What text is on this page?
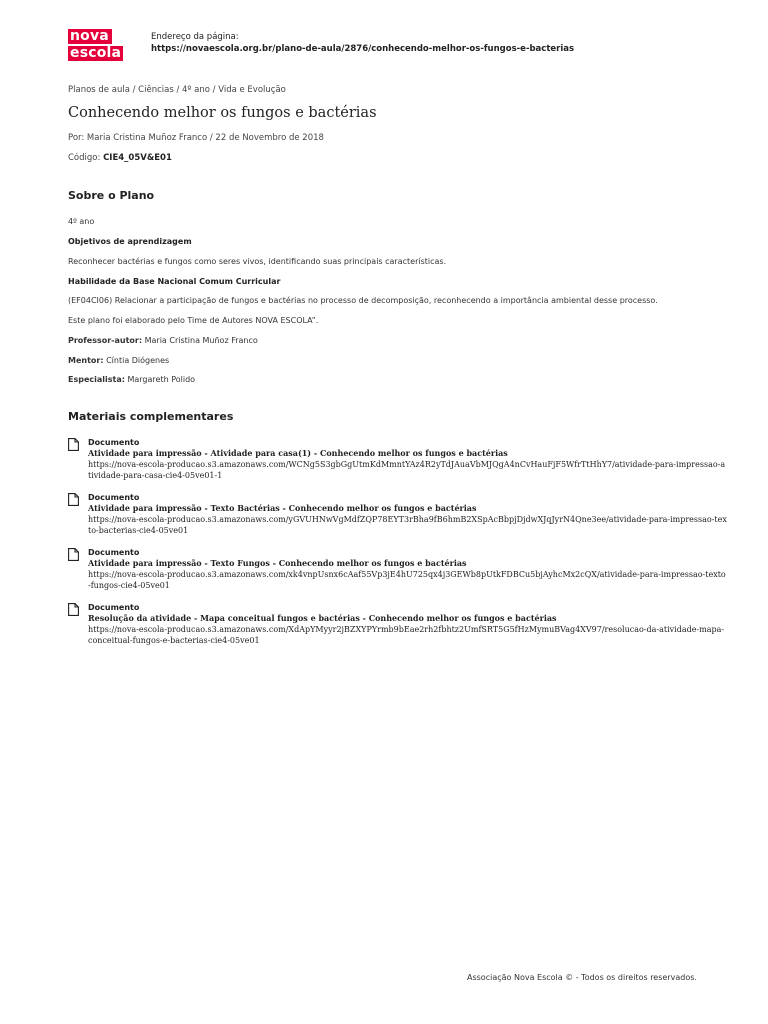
nova
escola
Endereço da página:
https://novaescola.org.br/plano-de-aula/2876/conhecendo-melhor-os-fungos-e-bacterias
Planos de aula / Ciências / 4º ano / Vida e Evolução
Conhecendo melhor os fungos e bactérias
Por: Maria Cristina Muñoz Franco / 22 de Novembro de 2018
Código: CIE4_05V&E01
Sobre o Plano
4º ano
Objetivos de aprendizagem
Reconhecer bactérias e fungos como seres vivos, identificando suas principais características.
Habilidade da Base Nacional Comum Curricular
(EF04CI06) Relacionar a participação de fungos e bactérias no processo de decomposição, reconhecendo a importância ambiental desse processo.
Este plano foi elaborado pelo Time de Autores NOVA ESCOLA”.
Professor-autor: Maria Cristina Muñoz Franco
Mentor: Cíntia Diógenes
Especialista: Margareth Polido
Materiais complementares
Documento
Atividade para impressão - Atividade para casa(1) - Conhecendo melhor os fungos e bactérias
https://nova-escola-producao.s3.amazonaws.com/WCNg5S3gbGgUtmKdMmntYAz4R2yTdJAuaVbMJQgA4nCvHauFjF5WfrTtHhY7/atividade-para-impressao-atividade-para-casa-cie4-05ve01-1
Documento
Atividade para impressão - Texto Bactérias - Conhecendo melhor os fungos e bactérias
https://nova-escola-producao.s3.amazonaws.com/yGVUHNwVgMdfZQP78EYT3rBha9fB6hmB2XSpAcBbpjDjdwXJqJyrN4Qne3ee/atividade-para-impressao-texto-bacterias-cie4-05ve01
Documento
Atividade para impressão - Texto Fungos - Conhecendo melhor os fungos e bactérias
https://nova-escola-producao.s3.amazonaws.com/xk4vnpUsnx6cAaf55Vp3jE4hU725qx4j3GEWb8pUtkFDBCu5bjAyhcMx2cQX/atividade-para-impressao-texto-fungos-cie4-05ve01
Documento
Resolução da atividade - Mapa conceitual fungos e bactérias - Conhecendo melhor os fungos e bactérias
https://nova-escola-producao.s3.amazonaws.com/XdApYMyyr2jBZXYPYrmb9bEae2rh2fbhtz2UmfSRT5G5fHzMymuBVag4XV97/resolucao-da-atividade-mapa-conceitual-fungos-e-bacterias-cie4-05ve01
Associação Nova Escola © - Todos os direitos reservados.
